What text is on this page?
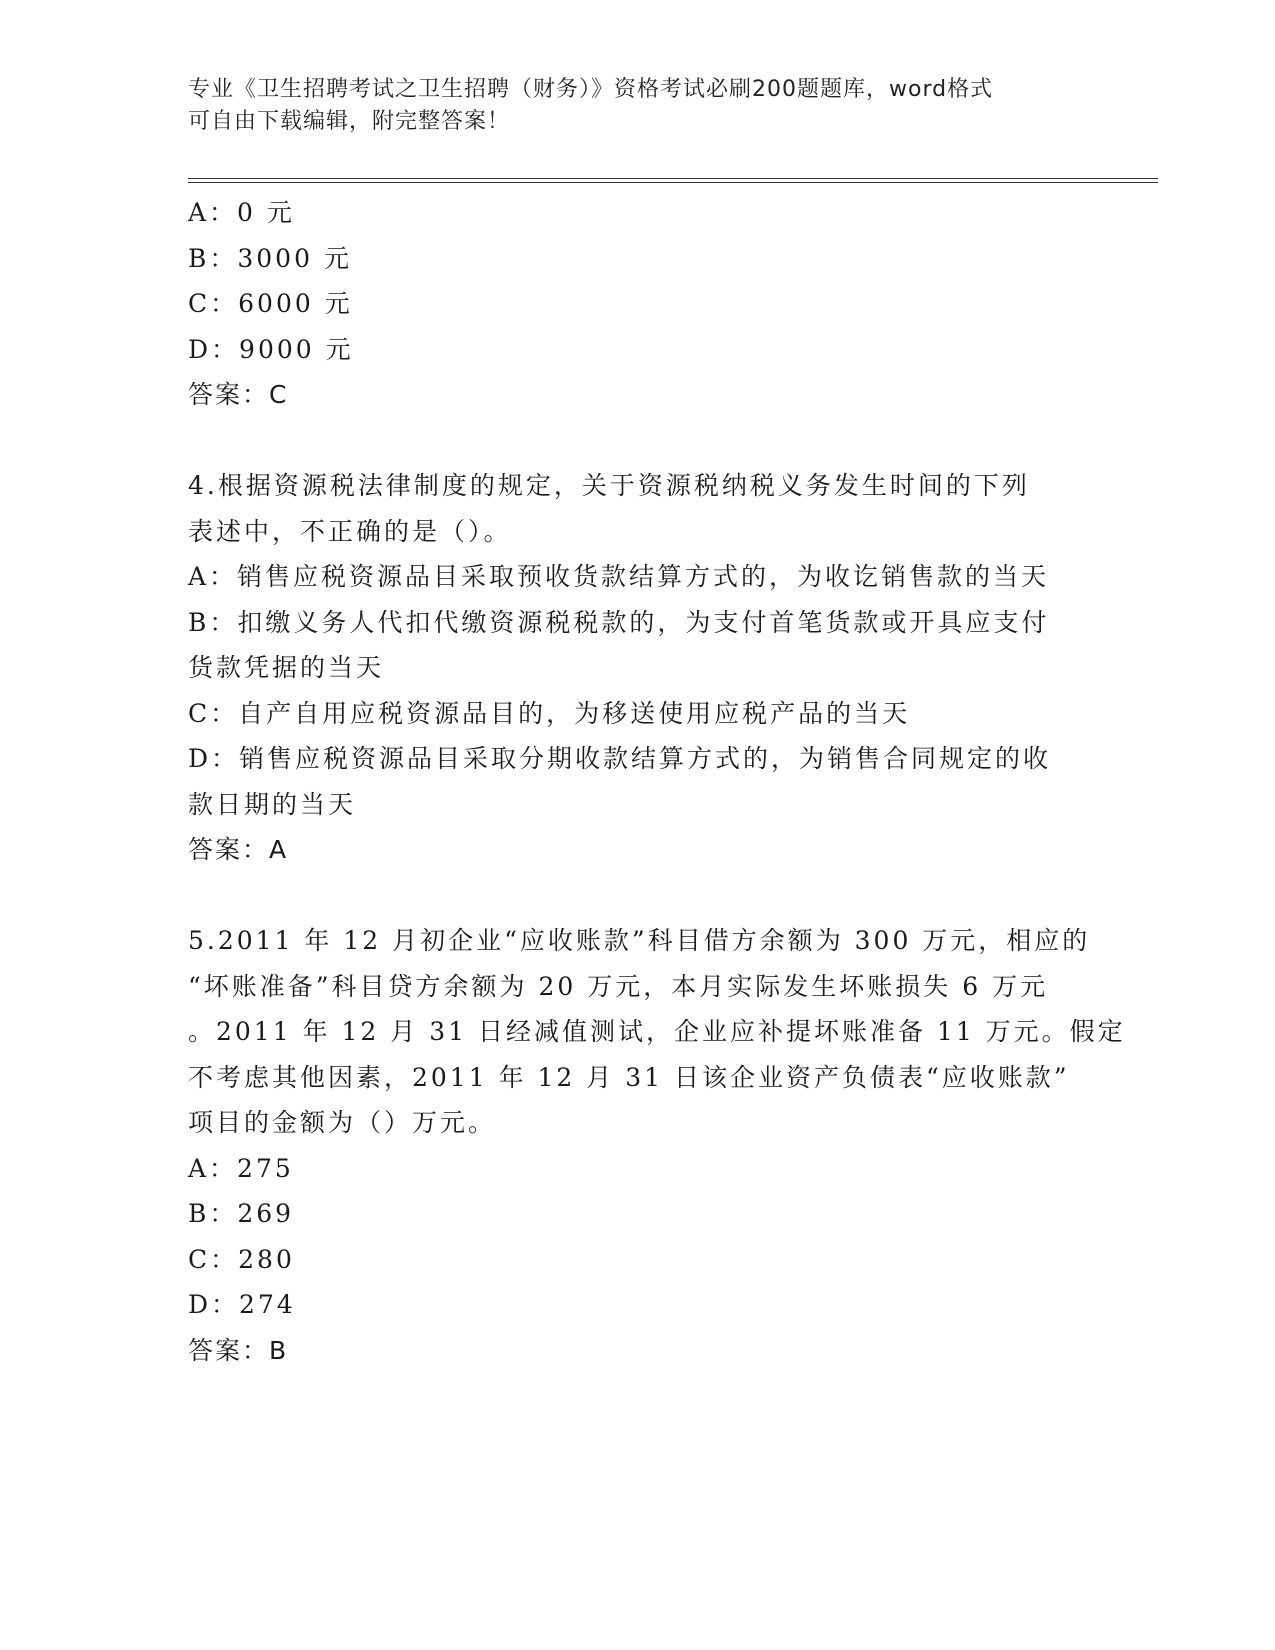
专业《卫生招聘考试之卫生招聘（财务）》资格考试必刷200题题库，word格式
可自由下载编辑，附完整答案！
A：0 元
B：3000 元
C：6000 元
D：9000 元
答案：C
4.根据资源税法律制度的规定，关于资源税纳税义务发生时间的下列
表述中，不正确的是（）。
A：销售应税资源品目采取预收货款结算方式的，为收讫销售款的当天
B：扣缴义务人代扣代缴资源税税款的，为支付首笔货款或开具应支付
货款凭据的当天
C：自产自用应税资源品目的，为移送使用应税产品的当天
D：销售应税资源品目采取分期收款结算方式的，为销售合同规定的收
款日期的当天
答案：A
5.2011 年 12 月初企业“应收账款”科目借方余额为 300 万元，相应的
“坏账准备”科目贷方余额为 20 万元，本月实际发生坏账损失 6 万元
。2011 年 12 月 31 日经减值测试，企业应补提坏账准备 11 万元。假定
不考虑其他因素，2011 年 12 月 31 日该企业资产负债表“应收账款”
项目的金额为（）万元。
A：275
B：269
C：280
D：274
答案：B
